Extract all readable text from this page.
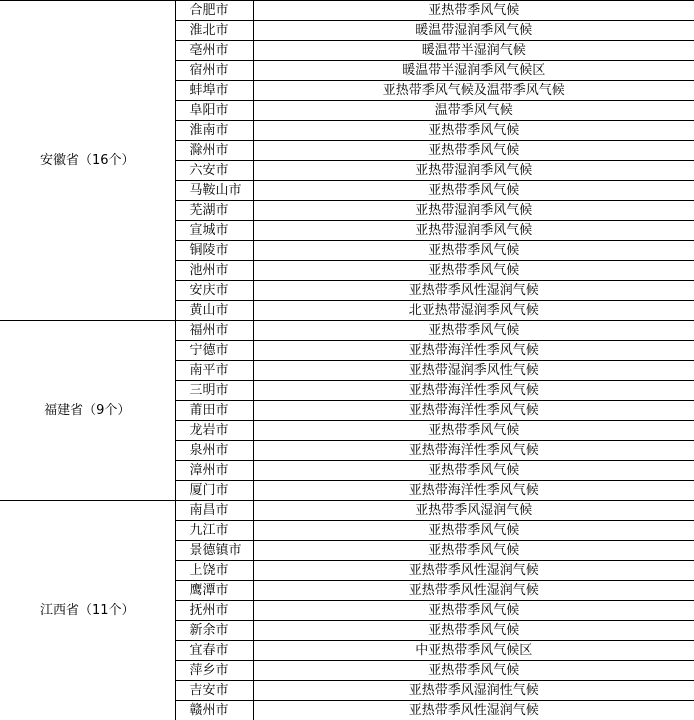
安徽省（16个）	合肥市	亚热带季风气候
	淮北市	暖温带湿润季风气候
	亳州市	暖温带半湿润气候
	宿州市	暖温带半湿润季风气候区
	蚌埠市	亚热带季风气候及温带季风气候
	阜阳市	温带季风气候
	淮南市	亚热带季风气候
	滁州市	亚热带季风气候
	六安市	亚热带湿润季风气候
	马鞍山市	亚热带季风气候
	芜湖市	亚热带湿润季风气候
	宣城市	亚热带湿润季风气候
	铜陵市	亚热带季风气候
	池州市	亚热带季风气候
	安庆市	亚热带季风性湿润气候
	黄山市	北亚热带湿润季风气候
福建省（9个）	福州市	亚热带季风气候
	宁德市	亚热带海洋性季风气候
	南平市	亚热带湿润季风性气候
	三明市	亚热带海洋性季风气候
	莆田市	亚热带海洋性季风气候
	龙岩市	亚热带季风气候
	泉州市	亚热带海洋性季风气候
	漳州市	亚热带季风气候
	厦门市	亚热带海洋性季风气候
江西省（11个）	南昌市	亚热带季风湿润气候
	九江市	亚热带季风气候
	景德镇市	亚热带季风气候
	上饶市	亚热带季风性湿润气候
	鹰潭市	亚热带季风性湿润气候
	抚州市	亚热带季风气候
	新余市	亚热带季风气候
	宜春市	中亚热带季风气候区
	萍乡市	亚热带季风气候
	吉安市	亚热带季风湿润性气候
	赣州市	亚热带季风性湿润气候
